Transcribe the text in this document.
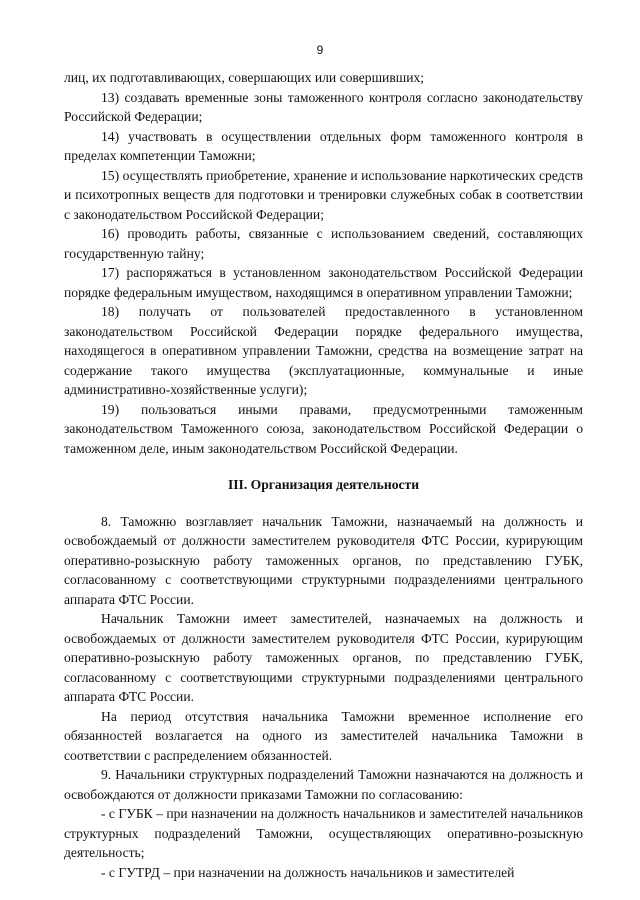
9

лиц, их подготавливающих, совершающих или совершивших;

13) создавать временные зоны таможенного контроля согласно законодательству Российской Федерации;

14) участвовать в осуществлении отдельных форм таможенного контроля в пределах компетенции Таможни;

15) осуществлять приобретение, хранение и использование наркотических средств и психотропных веществ для подготовки и тренировки служебных собак в соответствии с законодательством Российской Федерации;

16) проводить работы, связанные с использованием сведений, составляющих государственную тайну;

17) распоряжаться в установленном законодательством Российской Федерации порядке федеральным имуществом, находящимся в оперативном управлении Таможни;

18) получать от пользователей предоставленного в установленном законодательством Российской Федерации порядке федерального имущества, находящегося в оперативном управлении Таможни, средства на возмещение затрат на содержание такого имущества (эксплуатационные, коммунальные и иные административно-хозяйственные услуги);

19) пользоваться иными правами, предусмотренными таможенным законодательством Таможенного союза, законодательством Российской Федерации о таможенном деле, иным законодательством Российской Федерации.

III. Организация деятельности

8. Таможню возглавляет начальник Таможни, назначаемый на должность и освобождаемый от должности заместителем руководителя ФТС России, курирующим оперативно-розыскную работу таможенных органов, по представлению ГУБК, согласованному с соответствующими структурными подразделениями центрального аппарата ФТС России.

Начальник Таможни имеет заместителей, назначаемых на должность и освобождаемых от должности заместителем руководителя ФТС России, курирующим оперативно-розыскную работу таможенных органов, по представлению ГУБК, согласованному с соответствующими структурными подразделениями центрального аппарата ФТС России.

На период отсутствия начальника Таможни временное исполнение его обязанностей возлагается на одного из заместителей начальника Таможни в соответствии с распределением обязанностей.

9. Начальники структурных подразделений Таможни назначаются на должность и освобождаются от должности приказами Таможни по согласованию:

- с ГУБК – при назначении на должность начальников и заместителей начальников структурных подразделений Таможни, осуществляющих оперативно-розыскную деятельность;

- с ГУТРД – при назначении на должность начальников и заместителей
